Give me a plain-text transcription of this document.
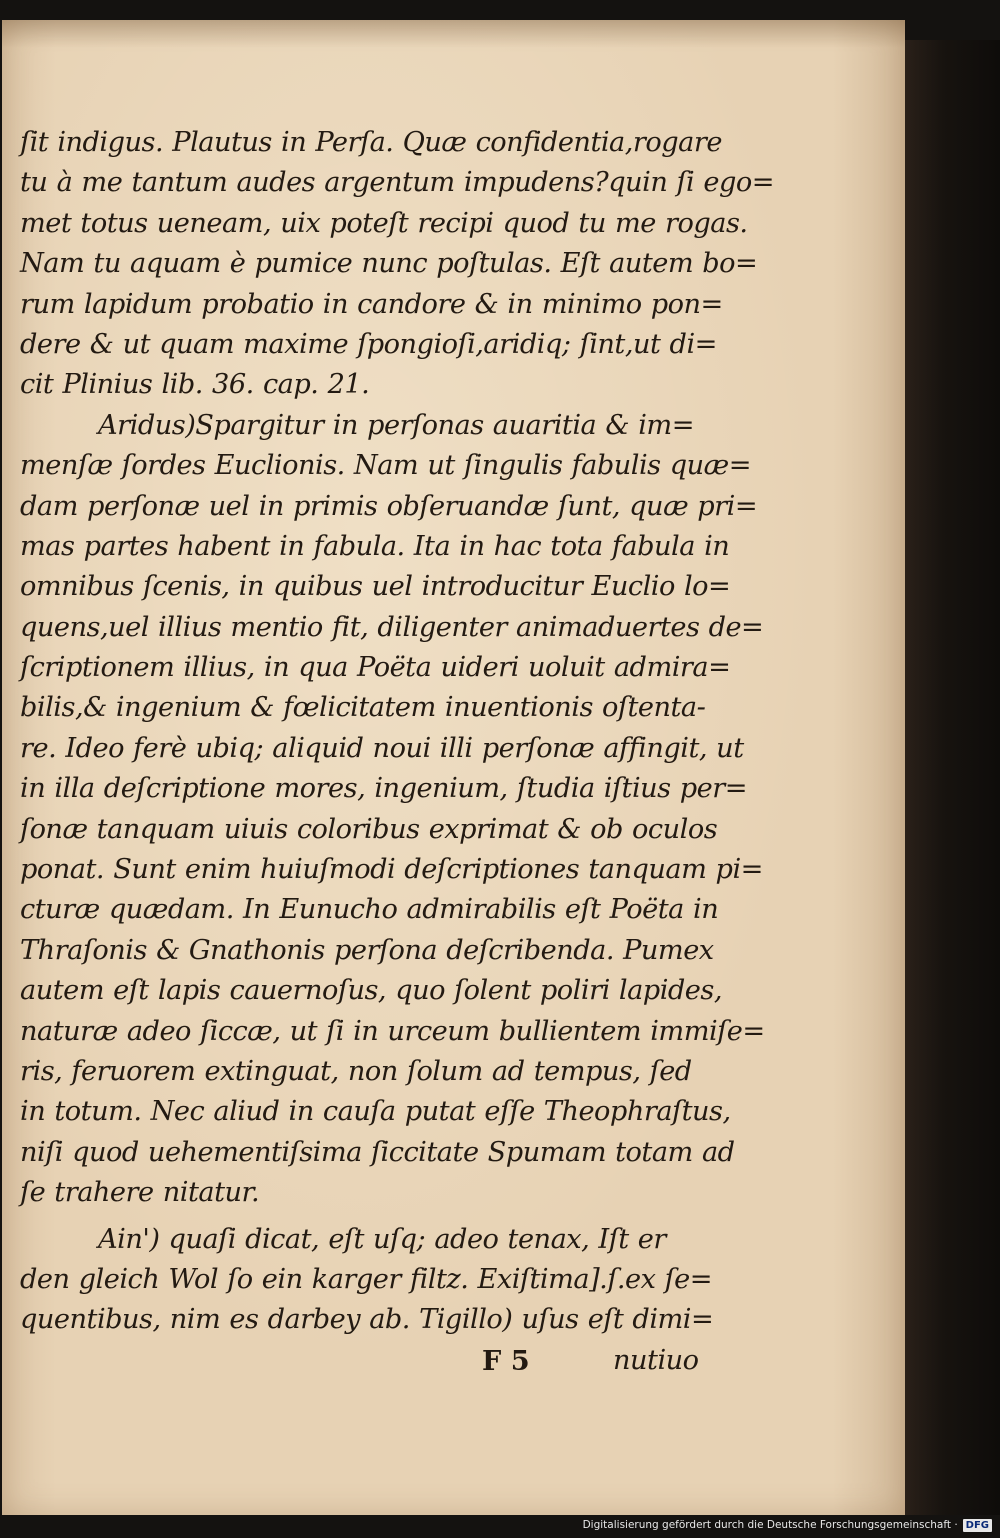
ſit indigus. Plautus in Perſa. Quæ confidentia,rogare
tu à me tantum audes argentum impudens?quin ſi ego=
met totus ueneam, uix poteſt recipi quod tu me rogas.
Nam tu aquam è pumice nunc poſtulas. Eſt autem bo=
rum lapidum probatio in candore & in minimo pon=
dere & ut quam maxime ſpongioſi,aridiq; ſint,ut di=
cit Plinius lib. 36. cap. 21.
Aridus)Spargitur in perſonas auaritia & im=
menſæ ſordes Euclionis. Nam ut ſingulis fabulis quæ=
dam perſonæ uel in primis obſeruandæ ſunt, quæ pri=
mas partes habent in fabula. Ita in hac tota fabula in
omnibus ſcenis, in quibus uel introducitur Euclio lo=
quens,uel illius mentio fit, diligenter animaduertes de=
ſcriptionem illius, in qua Poëta uideri uoluit admira=
bilis,& ingenium & fœlicitatem inuentionis oſtenta-
re. Ideo ferè ubiq; aliquid noui illi perſonæ affingit, ut
in illa deſcriptione mores, ingenium, ſtudia iſtius per=
ſonæ tanquam uiuis coloribus exprimat & ob oculos
ponat. Sunt enim huiuſmodi deſcriptiones tanquam pi=
cturæ quædam. In Eunucho admirabilis eſt Poëta in
Thraſonis & Gnathonis perſona deſcribenda. Pumex
autem eſt lapis cauernoſus, quo ſolent poliri lapides,
naturæ adeo ſiccæ, ut ſi in urceum bullientem immiſe=
ris, feruorem extinguat, non ſolum ad tempus, ſed
in totum. Nec aliud in cauſa putat eſſe Theophraſtus,
niſi quod uehementiſsima ſiccitate Spumam totam ad
ſe trahere nitatur.
Ain') quaſi dicat, eſt uſq; adeo tenax, Iſt er
den gleich Wol ſo ein karger filtz. Exiſtima].ſ.ex ſe=
quentibus, nim es darbey ab. Tigillo) uſus eſt dimi=
F 5	nutiuo
Digitalisierung gefördert durch die Deutsche Forschungsgemeinschaft · DFG
